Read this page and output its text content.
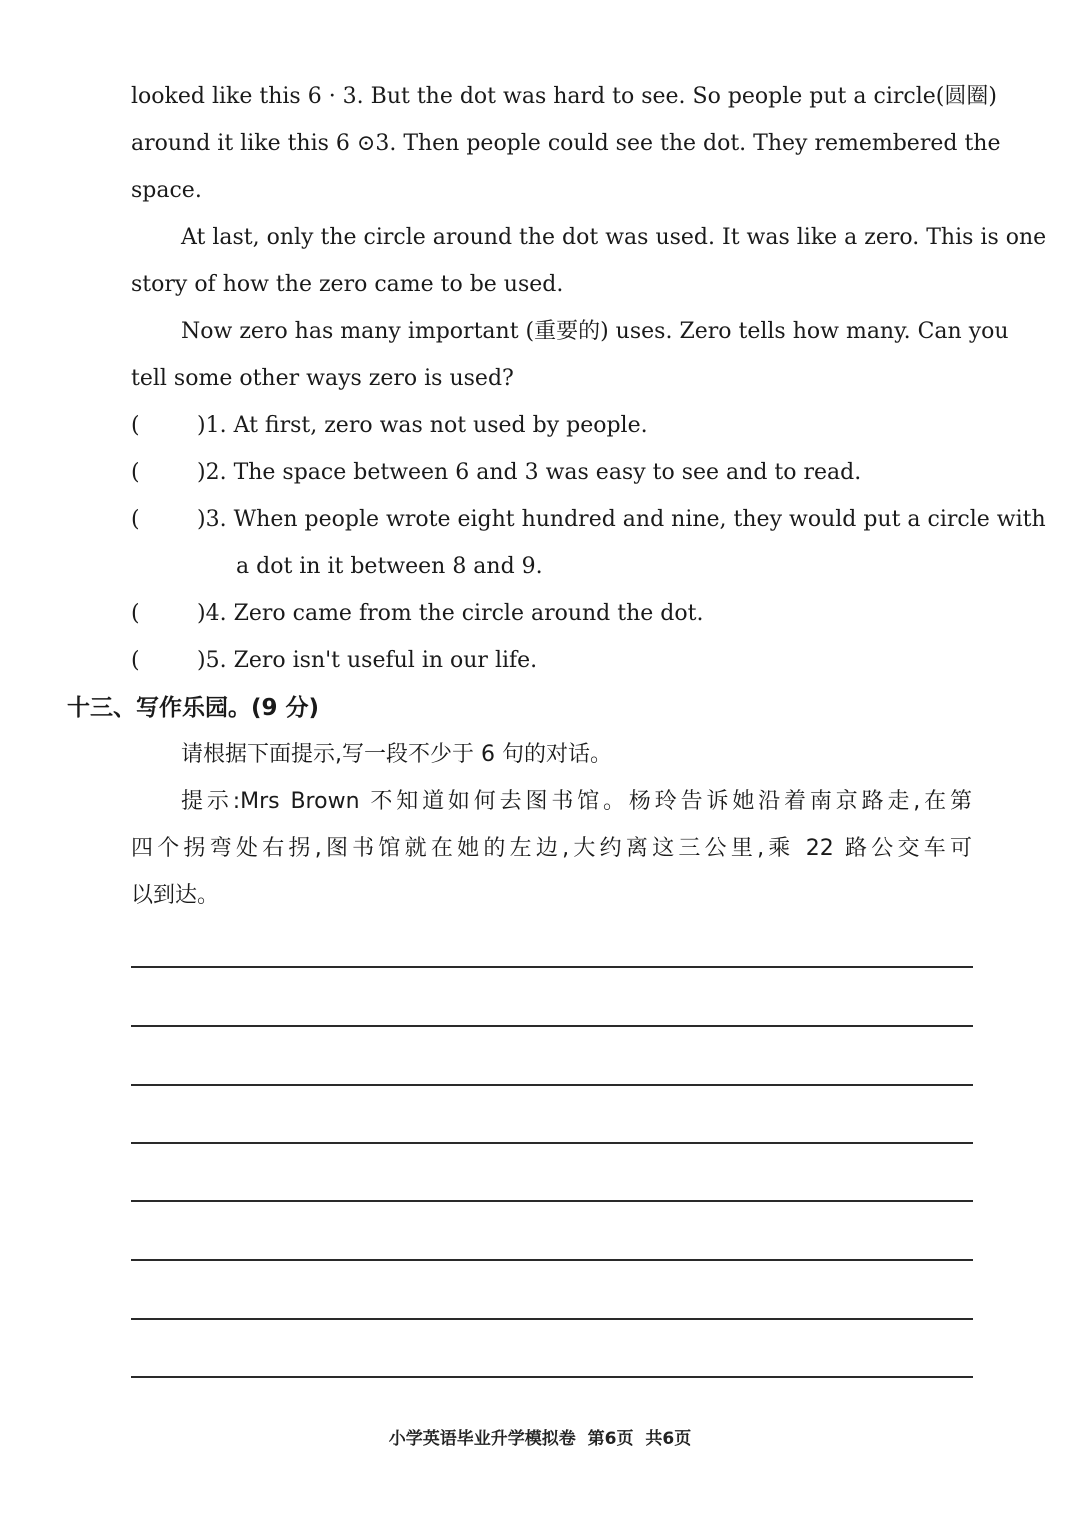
looked like this 6 · 3. But the dot was hard to see. So people put a circle(圆圈)
around it like this 6 ⊙3. Then people could see the dot. They remembered the
space.
At last, only the circle around the dot was used. It was like a zero. This is one
story of how the zero came to be used.
Now zero has many important (重要的) uses. Zero tells how many. Can you
tell some other ways zero is used?
(	)1. At first, zero was not used by people.
(	)2. The space between 6 and 3 was easy to see and to read.
(	)3. When people wrote eight hundred and nine, they would put a circle with
a dot in it between 8 and 9.
(	)4. Zero came from the circle around the dot.
(	)5. Zero isn't useful in our life.
十三、写作乐园。(9 分)
请根据下面提示,写一段不少于 6 句的对话。
提示:Mrs Brown 不知道如何去图书馆。杨玲告诉她沿着南京路走,在第
四个拐弯处右拐,图书馆就在她的左边,大约离这三公里,乘 22 路公交车可
以到达。
小学英语毕业升学模拟卷 第6页 共6页
